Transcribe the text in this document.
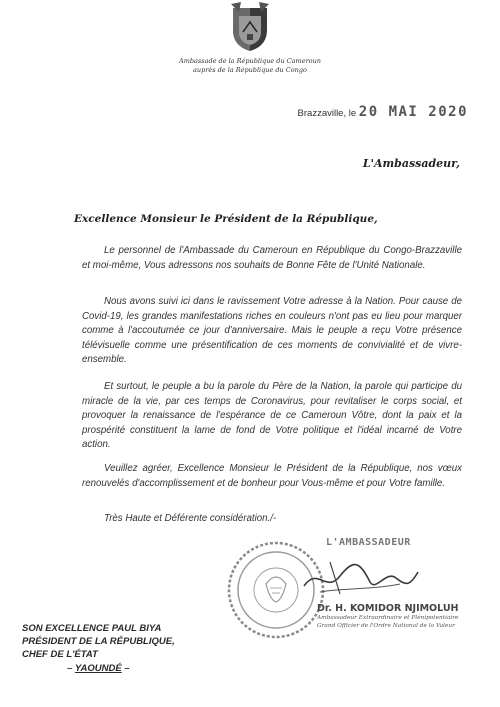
Ambassade de la République du Cameroun
auprès de la République du Congo
Brazzaville, le 20 MAI 2020
L'Ambassadeur,
Excellence Monsieur le Président de la République,

Le personnel de l'Ambassade du Cameroun en République du Congo-Brazzaville et moi-même, Vous adressons nos souhaits de Bonne Fête de l'Unité Nationale.

Nous avons suivi ici dans le ravissement Votre adresse à la Nation. Pour cause de Covid-19, les grandes manifestations riches en couleurs n'ont pas eu lieu pour marquer comme à l'accoutumée ce jour d'anniversaire. Mais le peuple a reçu Votre présence télévisuelle comme une présentification de ces moments de convivialité et de vivre-ensemble.

Et surtout, le peuple a bu la parole du Père de la Nation, la parole qui participe du miracle de la vie, par ces temps de Coronavirus, pour revitaliser le corps social, et provoquer la renaissance de l'espérance de ce Cameroun Vôtre, dont la paix et la prospérité constituent la lame de fond de Votre politique et l'idéal incarné de Votre action.

Veuillez agréer, Excellence Monsieur le Président de la République, nos vœux renouvelés d'accomplissement et de bonheur pour Vous-même et pour Votre famille.

Très Haute et Déférente considération./-

L'AMBASSADEUR
Dr. H. KOMIDOR NJIMOLUH
Ambassadeur Extraordinaire et Plénipotentiaire
Grand Officier de l'Ordre National de la Valeur
SON EXCELLENCE PAUL BIYA
PRÉSIDENT DE LA RÉPUBLIQUE,
CHEF DE L'ÉTAT
– YAOUNDÉ –
